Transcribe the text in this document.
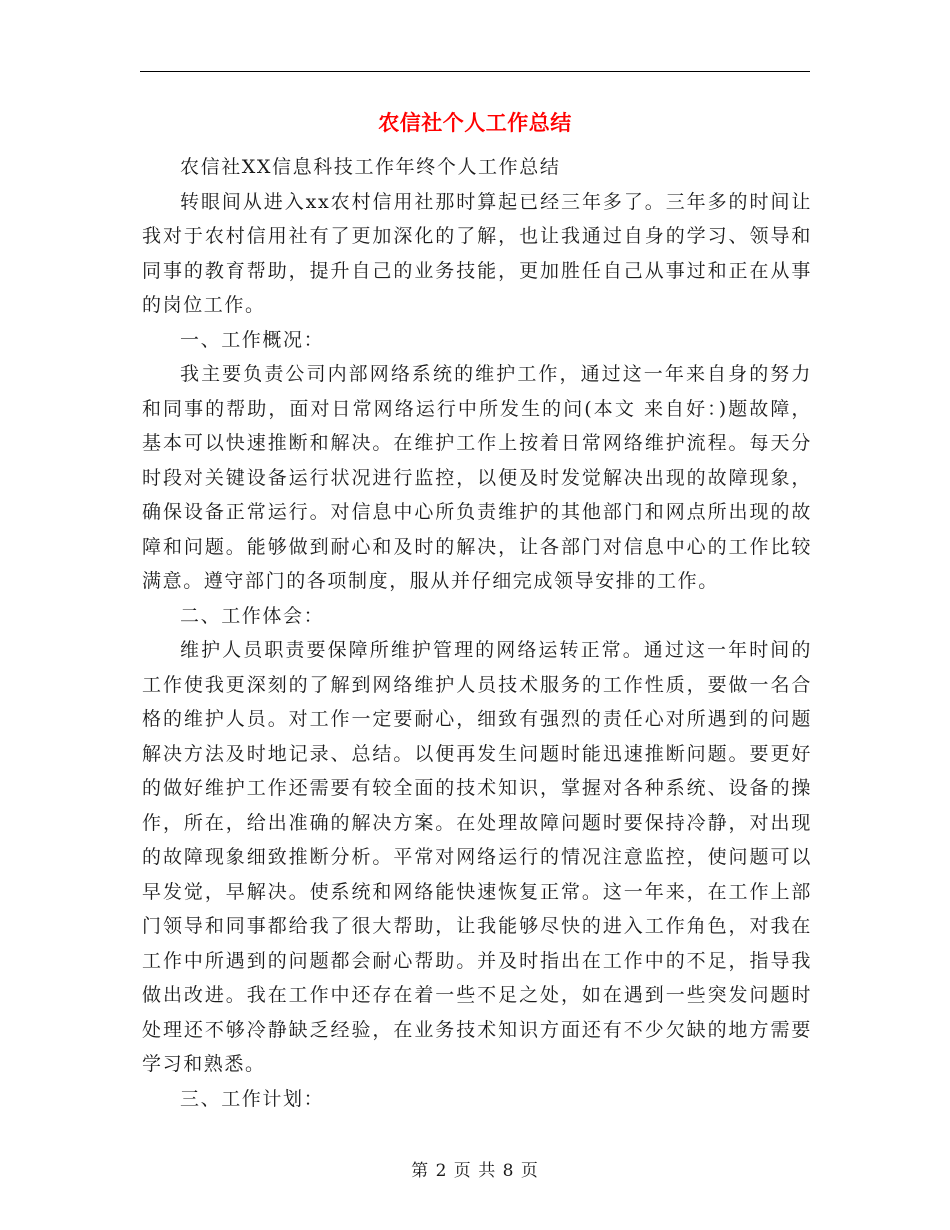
农信社个人工作总结

农信社XX信息科技工作年终个人工作总结

转眼间从进入xx农村信用社那时算起已经三年多了。三年多的时间让我对于农村信用社有了更加深化的了解，也让我通过自身的学习、领导和同事的教育帮助，提升自己的业务技能，更加胜任自己从事过和正在从事的岗位工作。

一、工作概况：

我主要负责公司内部网络系统的维护工作，通过这一年来自身的努力和同事的帮助，面对日常网络运行中所发生的问(本文 来自好：)题故障，基本可以快速推断和解决。在维护工作上按着日常网络维护流程。每天分时段对关键设备运行状况进行监控，以便及时发觉解决出现的故障现象，确保设备正常运行。对信息中心所负责维护的其他部门和网点所出现的故障和问题。能够做到耐心和及时的解决，让各部门对信息中心的工作比较满意。遵守部门的各项制度，服从并仔细完成领导安排的工作。

二、工作体会：

维护人员职责要保障所维护管理的网络运转正常。通过这一年时间的工作使我更深刻的了解到网络维护人员技术服务的工作性质，要做一名合格的维护人员。对工作一定要耐心，细致有强烈的责任心对所遇到的问题解决方法及时地记录、总结。以便再发生问题时能迅速推断问题。要更好的做好维护工作还需要有较全面的技术知识，掌握对各种系统、设备的操作，所在，给出准确的解决方案。在处理故障问题时要保持冷静，对出现的故障现象细致推断分析。平常对网络运行的情况注意监控，使问题可以早发觉，早解决。使系统和网络能快速恢复正常。这一年来，在工作上部门领导和同事都给我了很大帮助，让我能够尽快的进入工作角色，对我在工作中所遇到的问题都会耐心帮助。并及时指出在工作中的不足，指导我做出改进。我在工作中还存在着一些不足之处，如在遇到一些突发问题时处理还不够冷静缺乏经验，在业务技术知识方面还有不少欠缺的地方需要学习和熟悉。

三、工作计划：

第 2 页 共 8 页
